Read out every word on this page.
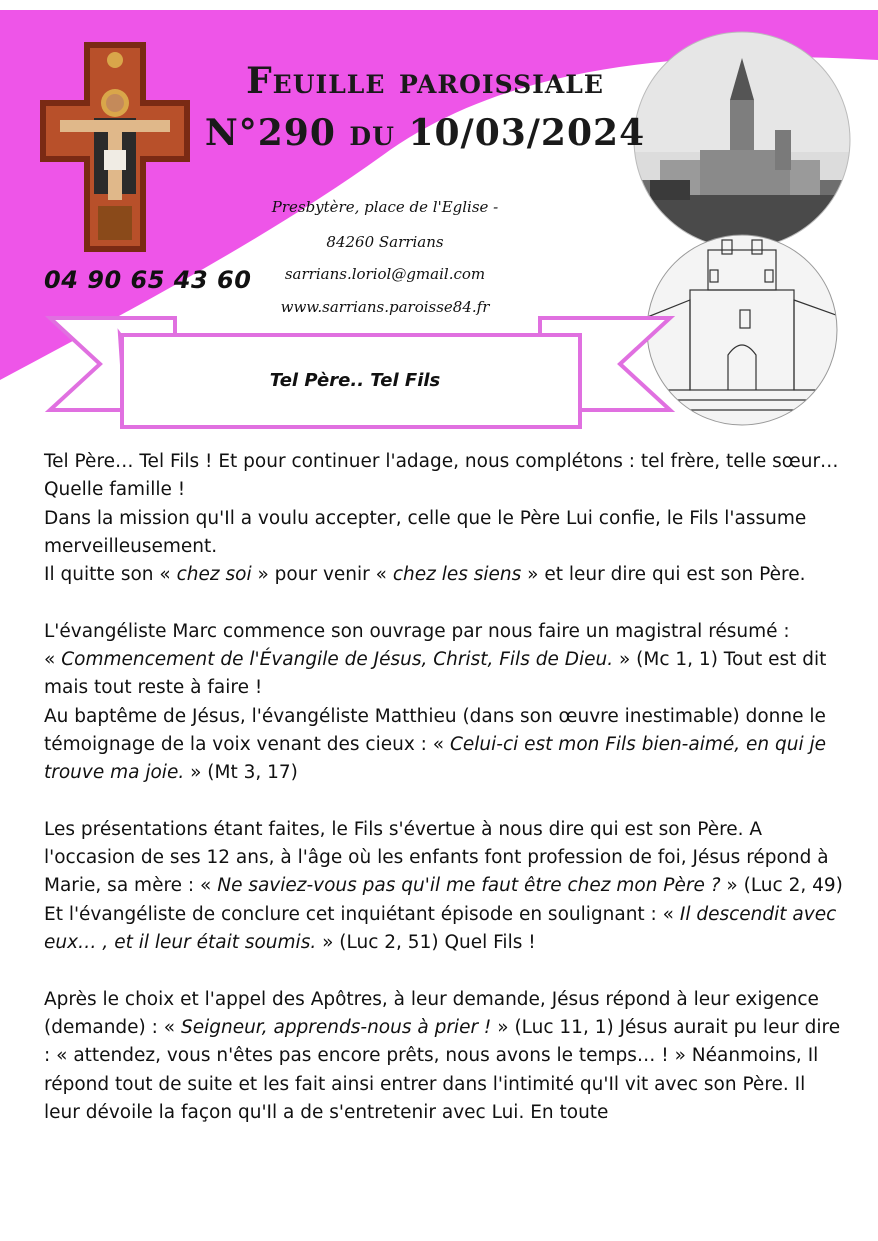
Feuille paroissiale
N°290 du 10/03/2024
Presbytère, place de l'Eglise -
84260 Sarrians
sarrians.loriol@gmail.com
www.sarrians.paroisse84.fr
04 90 65 43 60
Tel Père.. Tel Fils

Tel Père… Tel Fils ! Et pour continuer l'adage, nous complétons : tel frère, telle sœur… Quelle famille !
Dans la mission qu'Il a voulu accepter, celle que le Père Lui confie, le Fils l'assume merveilleusement.
Il quitte son « chez soi » pour venir « chez les siens » et leur dire qui est son Père.

L'évangéliste Marc commence son ouvrage par nous faire un magistral résumé :
« Commencement de l'Évangile de Jésus, Christ, Fils de Dieu. » (Mc 1, 1) Tout est dit mais tout reste à faire !
Au baptême de Jésus, l'évangéliste Matthieu (dans son œuvre inestimable) donne le témoignage de la voix venant des cieux : « Celui-ci est mon Fils bien-aimé, en qui je trouve ma joie. » (Mt 3, 17)

Les présentations étant faites, le Fils s'évertue à nous dire qui est son Père. A l'occasion de ses 12 ans, à l'âge où les enfants font profession de foi, Jésus répond à Marie, sa mère : « Ne saviez-vous pas qu'il me faut être chez mon Père ? » (Luc 2, 49) Et l'évangéliste de conclure cet inquiétant épisode en soulignant : « Il descendit avec eux… , et il leur était soumis. » (Luc 2, 51) Quel Fils !

Après le choix et l'appel des Apôtres, à leur demande, Jésus répond à leur exigence (demande) : « Seigneur, apprends-nous à prier ! » (Luc 11, 1) Jésus aurait pu leur dire : « attendez, vous n'êtes pas encore prêts, nous avons le temps… ! » Néanmoins, Il répond tout de suite et les fait ainsi entrer dans l'intimité qu'Il vit avec son Père. Il leur dévoile la façon qu'Il a de s'entretenir avec Lui. En toute
